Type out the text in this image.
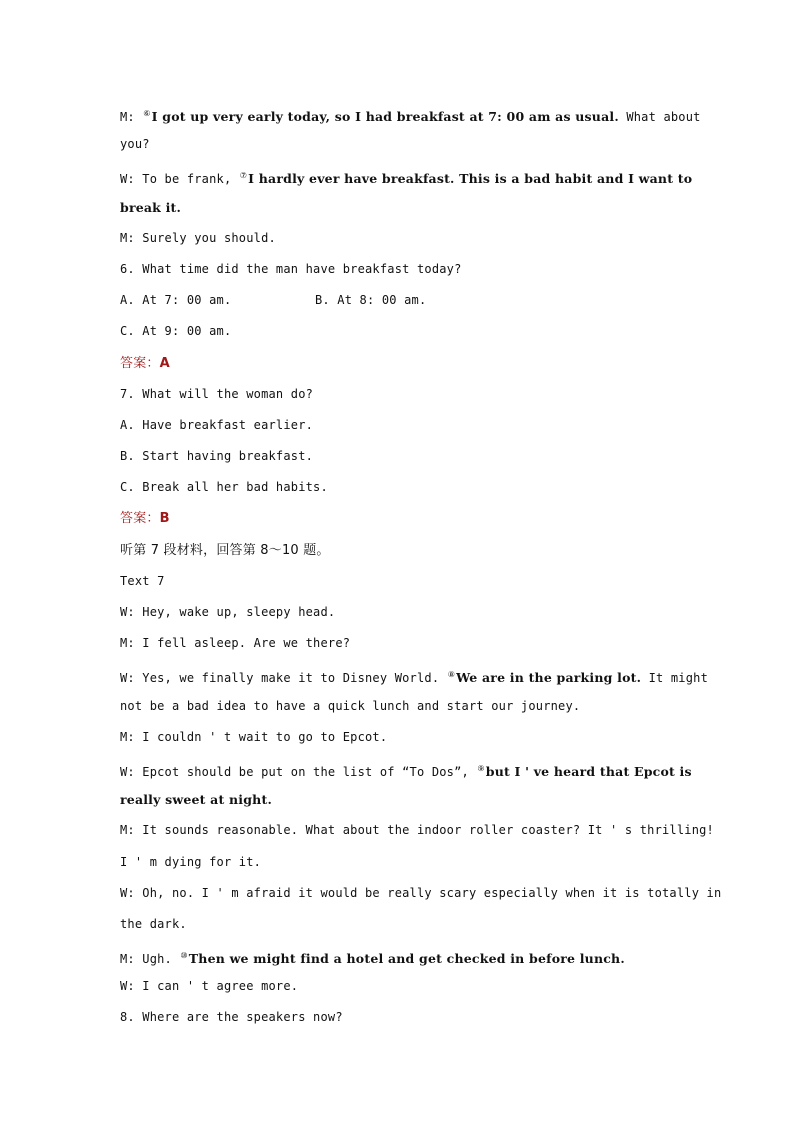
M: ⑥I got up very early today, so I had breakfast at 7: 00 am as usual. What about
you?
W: To be frank, ⑦I hardly ever have breakfast. This is a bad habit and I want to
break it.
M: Surely you should.
6. What time did the man have breakfast today?
A. At 7: 00 am.	B. At 8: 00 am.
C. At 9: 00 am.
答案：A
7. What will the woman do?
A. Have breakfast earlier.
B. Start having breakfast.
C. Break all her bad habits.
答案：B
听第 7 段材料，回答第 8～10 题。
Text 7
W: Hey, wake up, sleepy head.
M: I fell asleep. Are we there?
W: Yes, we finally make it to Disney World. ⑧We are in the parking lot. It might
not be a bad idea to have a quick lunch and start our journey.
M: I couldn ' t wait to go to Epcot.
W: Epcot should be put on the list of “To Dos”, ⑨but I ' ve heard that Epcot is
really sweet at night.
M: It sounds reasonable. What about the indoor roller coaster? It ' s thrilling!
I ' m dying for it.
W: Oh, no. I ' m afraid it would be really scary especially when it is totally in
the dark.
M: Ugh. ⑩Then we might find a hotel and get checked in before lunch.
W: I can ' t agree more.
8. Where are the speakers now?
